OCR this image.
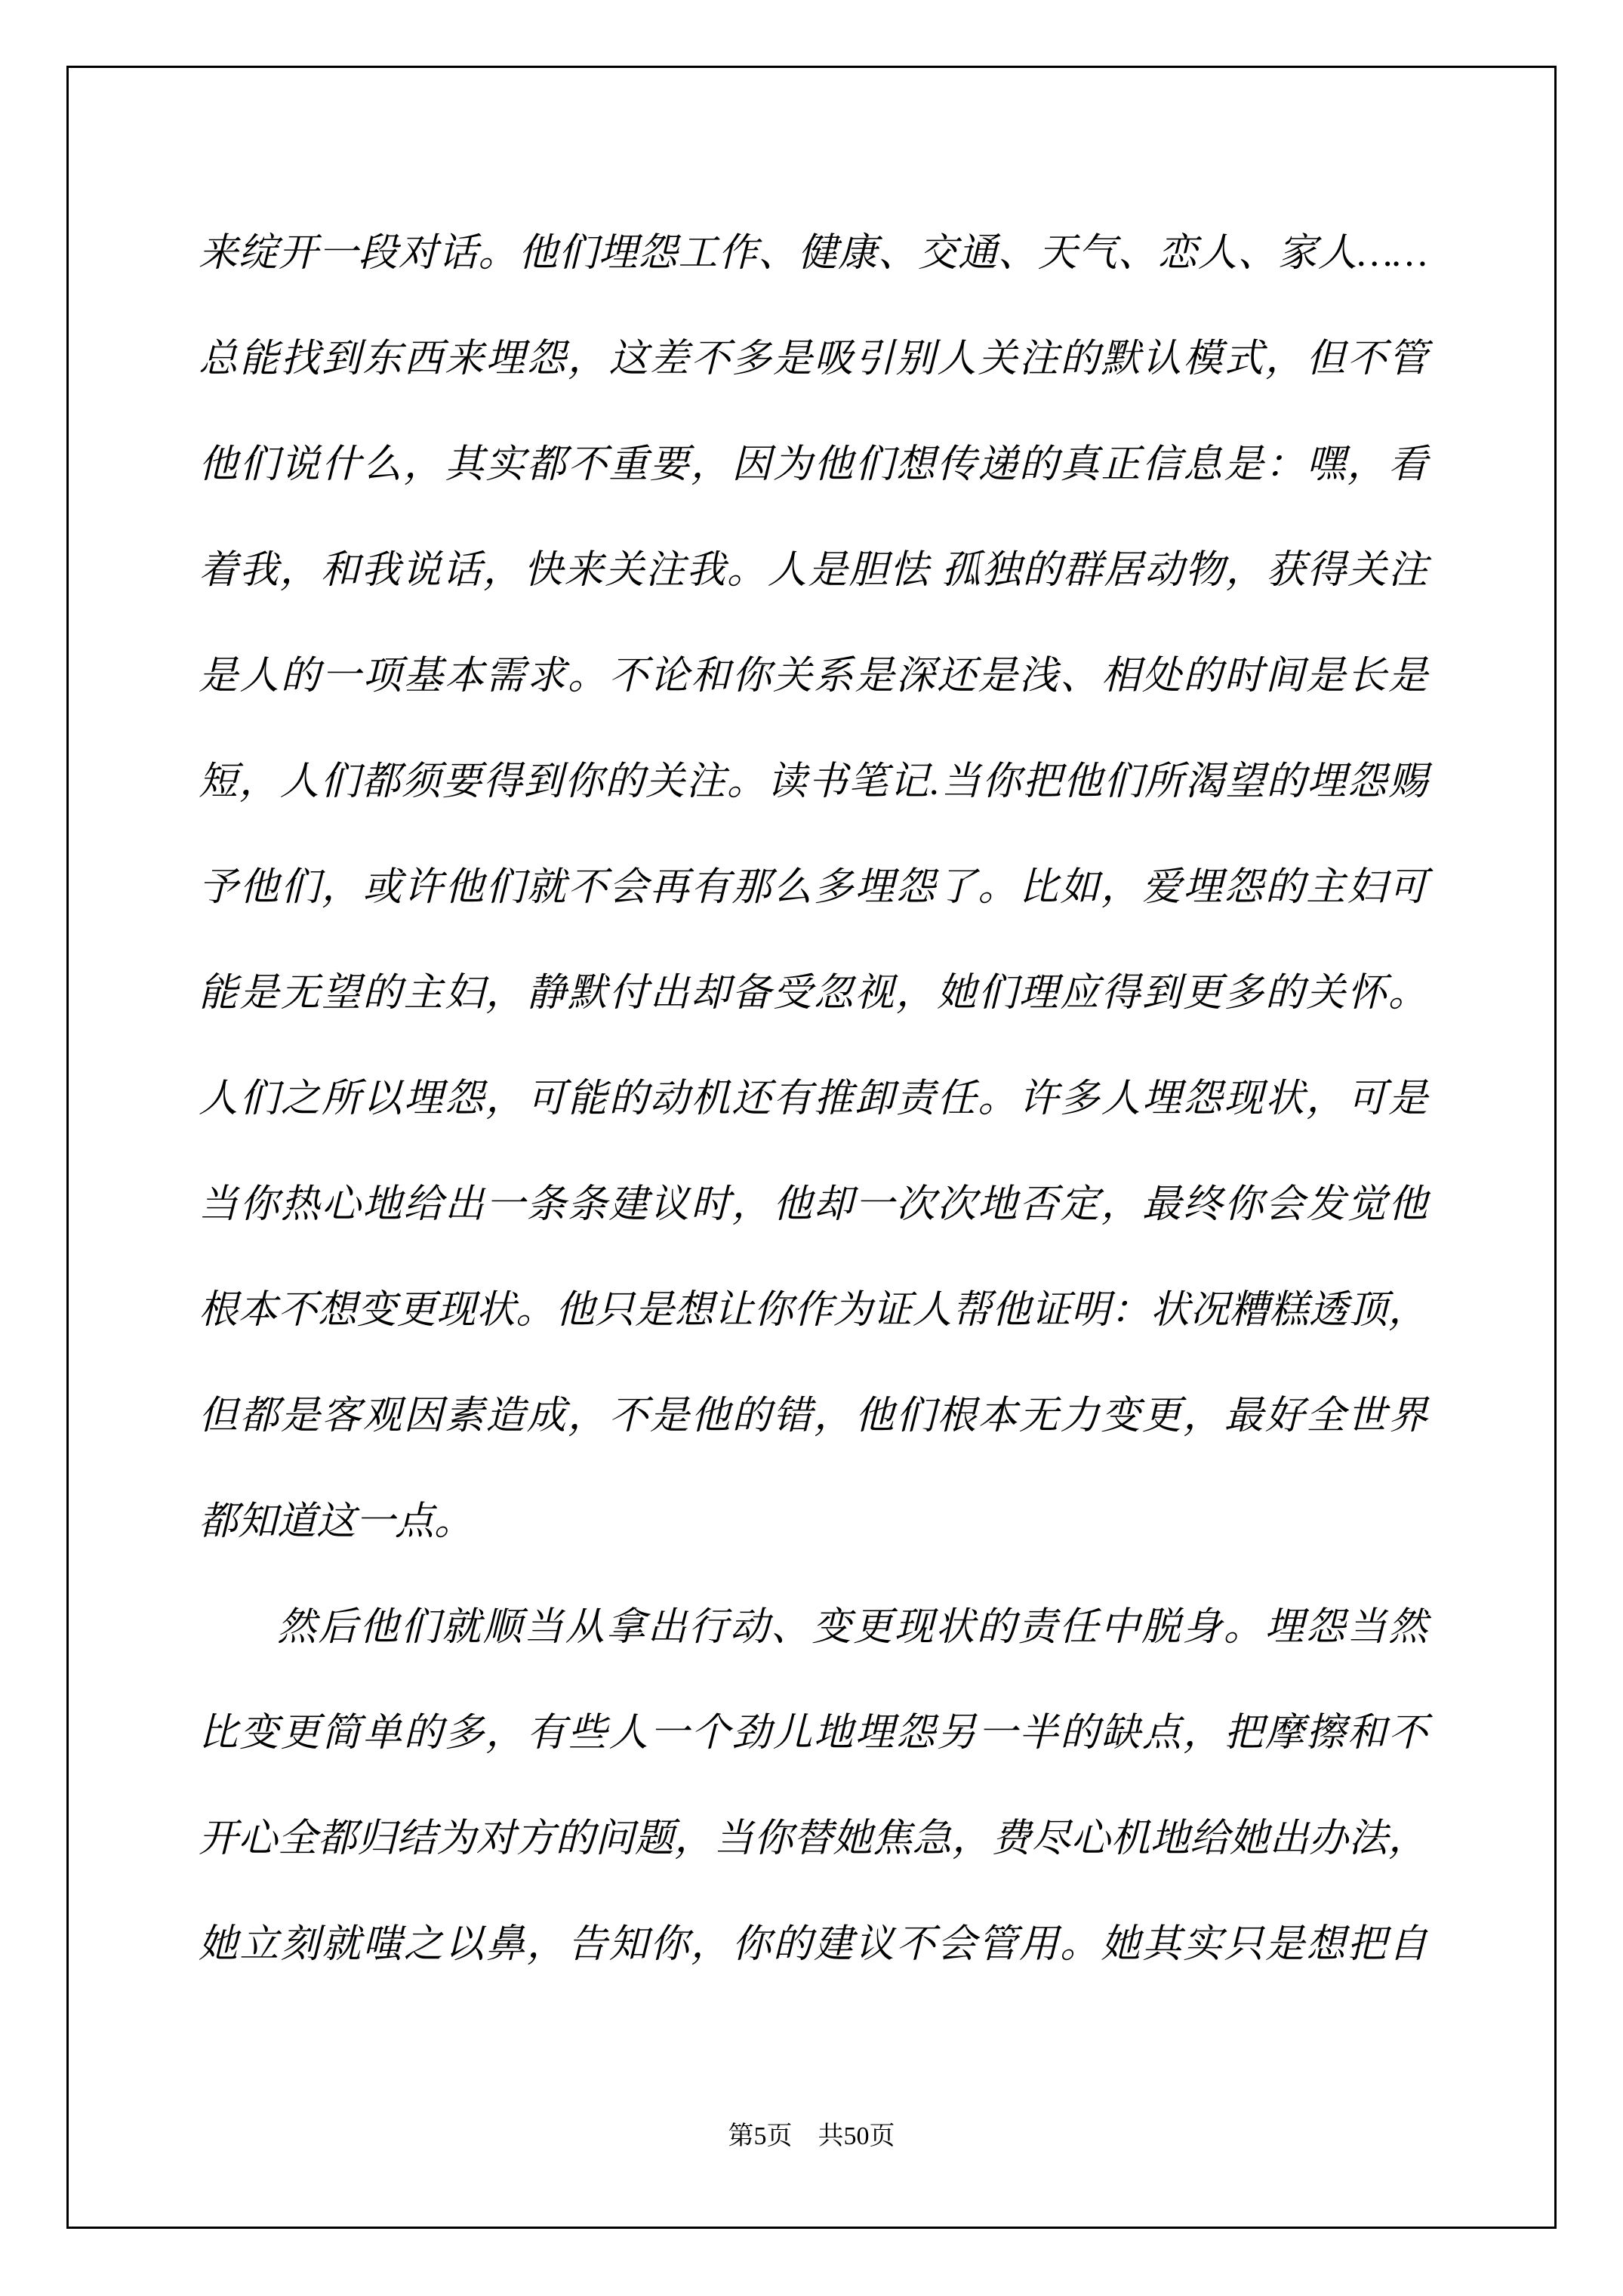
来绽开一段对话。他们埋怨工作、健康、交通、天气、恋人、家人……
总能找到东西来埋怨，这差不多是吸引别人关注的默认模式，但不管
他们说什么，其实都不重要，因为他们想传递的真正信息是：嘿，看
着我，和我说话，快来关注我。人是胆怯 孤独的群居动物，获得关注
是人的一项基本需求。不论和你关系是深还是浅、相处的时间是长是
短，人们都须要得到你的关注。读书笔记.当你把他们所渴望的埋怨赐
予他们，或许他们就不会再有那么多埋怨了。比如，爱埋怨的主妇可
能是无望的主妇，静默付出却备受忽视，她们理应得到更多的关怀。
人们之所以埋怨，可能的动机还有推卸责任。许多人埋怨现状，可是
当你热心地给出一条条建议时，他却一次次地否定，最终你会发觉他
根本不想变更现状。他只是想让你作为证人帮他证明：状况糟糕透顶，
但都是客观因素造成，不是他的错，他们根本无力变更，最好全世界
都知道这一点。
然后他们就顺当从拿出行动、变更现状的责任中脱身。埋怨当然
比变更简单的多，有些人一个劲儿地埋怨另一半的缺点，把摩擦和不
开心全都归结为对方的问题，当你替她焦急，费尽心机地给她出办法，
她立刻就嗤之以鼻，告知你，你的建议不会管用。她其实只是想把自
第5页　共50页
